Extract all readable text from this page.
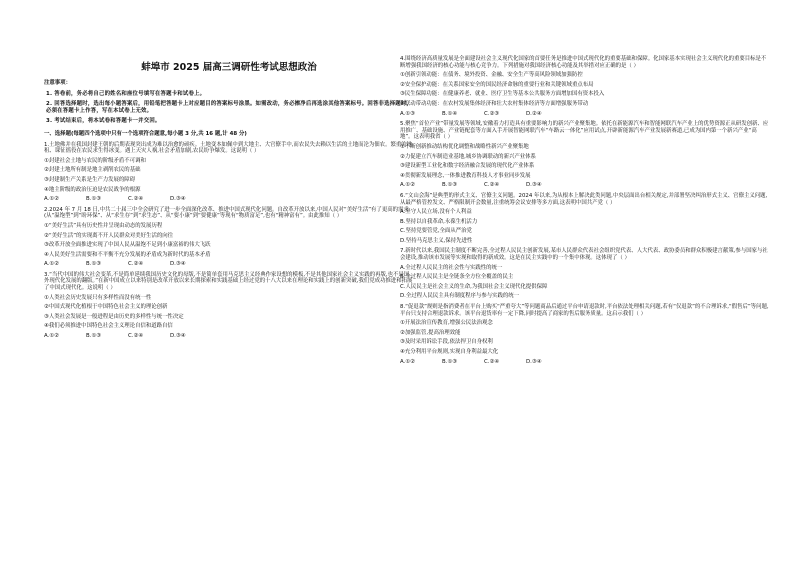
蚌埠市 2025 届高三调研性考试思想政治
注意事项：
1. 答卷前，务必将自己的姓名和座位号填写在答题卡和试卷上。
2. 回答选择题时，选出每小题答案后，用铅笔把答题卡上对应题目的答案标号涂黑。如需改动，务必擦净后再选涂其他答案标号。回答非选择题时，必须在答题卡上作答，写在本试卷上无效。
3. 考试结束后，将本试卷和答题卡一并交回。
一、选择题(每题四个选项中只有一个选项符合题意,每小题 3 分,共 16 题,计 48 分)
1.土地佛并在我国封建王朝的后期表现突出成为难以治愈的顽疾。土地变本如佩中到大地主、大官僚手中,而农民失去赖以生活的土地而沦为佃农。繁重的地租、课征徭役在农民求生得冰变。遇上天灾人祸,社会矛盾加剧,农民纷争爆发。这说明（ ）
①封建社会土地与农民的阶级矛盾不可调和
②封建土地所有制是地主剥削农民的基础
③封建制生产关系是生产力发展的障碍
④地主阶级的政治压迫是农民战争的根源
A.①②	B.①③	C.②④	D.③④
2.2024 年 7 月 18 日,中共二十届三中全会研究了进一步全面深化改革、推进中国式现代化问题。自改革开放以来,中国人民对“美好生活”有了更高的需求(从“温饱型”到“盼环保”、从“求生存”到“求生态”、从“要小康”到“要健康”等现有“物质富足”,也有“精神富有”。由此推知（ ）
①“美好生活”具有历史性并呈现由动态的发展历程
②“美好生活”的实现离不开人民群众对美好生活的向往
③改革开放全面推进实现了中国人民从温饱不足到小康富裕的伟大飞跃
④人民美好生活需要和不平衡不充分发展的矛盾成为新时代的基本矛盾
A.①②	B.①③	C.②④	D.③④
3.“当代中国的伟大社会变革,不是简单延续我国历史文化的母版,不是简单套用马克思主义经典作家设想的模板,不是其他国家社会主义实践的再版,也不是国外现代化发展的翻版。”在新中国成立以来特别是改革开放以来长期探索和实践基础上经过党的十八大以来在理论和实践上的创新突破,我们党成功推进和拓展了中国式现代化。这说明（ ）
①人类社会历史发展只有多样性而没有统一性
②中国式现代化植根于中国特色社会主义的理论创新
③人类社会发展是一般进程是由历史的多样性与统一性决定
④我们必须推进中国特色社会主义理论自信和道路自信
A.①②	B.①③	C.②④	D.③④
4.围绕经济高质量发展是全面建设社会主义现代化国家的首要任务是推进中国式现代化的重要基础和保障。化国家基本实现社会主义现代化的重要目标是不断增强我国经济的核心功能与核心竞争力。下列措施对我国经济核心功能及其举措对应正确的是（ ）
①创新引领动能：在债务、境外投资、金融、安全生产等高风险领域加强防控
②安全保护动能：在关系国家安全的国民经济命脉的重要行业和关键领域重点布局
③民生保障功能：在健康养老、就业、医疗卫生等基本公共服务方面增加国有资本投入
④联动带动功能：在农村发展集体经济和壮大农村集体经济等方面增强服务带动
A.①③	B.①④	C.②③	D.②④
5.聚焦“首位产业”带量发展等领域,安徽着力打造具有重要影响力的新兴产业聚集地。依托在新能源汽车和智能网联汽车产业上的优势资源正从研发创新、应用推广、基础设施、产业链配套等方面入手开展智能网联汽车“车路云一体化”应用试点,开辟新能源汽车产业发展新赛道,已成为国内第一个新兴产业“高地”。这表明我省（ ）
①不断创新推动结构优化调整和战略性新兴产业聚集地
②力促建立汽车制造业基地,城乡协调联动的新兴产业体系
③建设新型工业化和数字经济融合发展的现代化产业体系
④贯彻新发展理念,一体推进教育科技人才事业同步发展
A.①②	B.①③	C.②④	D.③④
6.“文山会海”是典型的形式主义、官僚主义问题。2024 年以来,为从根本上解决此类问题,中央层面出台相关规定,并部署坚决纠治形式主义、官僚主义问题,从最严格管控发文、严格限制开会数量,注重统筹会议安排等多方面,这表明中国共产党（ ）
A.坚守人民立场,没有个人利益
B.坚持以自我革命,永葆生机活力
C.坚持党要管党,全面从严治党
D.坚持马克思主义,保持先进性
7.新时代以来,我国民主制度不断完善,全过程人民民主创新发展,某市人民群众代表社会组织党代表、人大代表、政协委员和群众积极建言献策,参与国家与社会建设,推动该市发展等实现和取得的新成效。这是在民主实践中的一个集中体现。这体现了（ ）
A.全过程人民民主的社会性与实践性的统一
B.全过程人民民主是全链条全方位全覆盖的民主
C.人民民主是社会主义的生命,为我国社会主义现代化提供保障
D.全过程人民民主具有制度程序与参与实践的统一
8.“促退款”规则是指消费者在平台上购买“严重夸大”等问题商品后通过平台申请退款时,平台依法处理相关问题,若有“仅退款”的不合理诉求,“假售后”等问题,平台只支持合理退款诉求。该平台退货率有一定下降,同时提高了商家的售后服务质量。这启示我们（ ）
①开展法治宣传教育,增强公民法治观念
②加强监管,提高治理效能
③及时采用诉讼手段,依法捍卫自身权利
④充分利用平台规则,实现自身利益最大化
A.①②	B.①③	C.②④	D.③④
